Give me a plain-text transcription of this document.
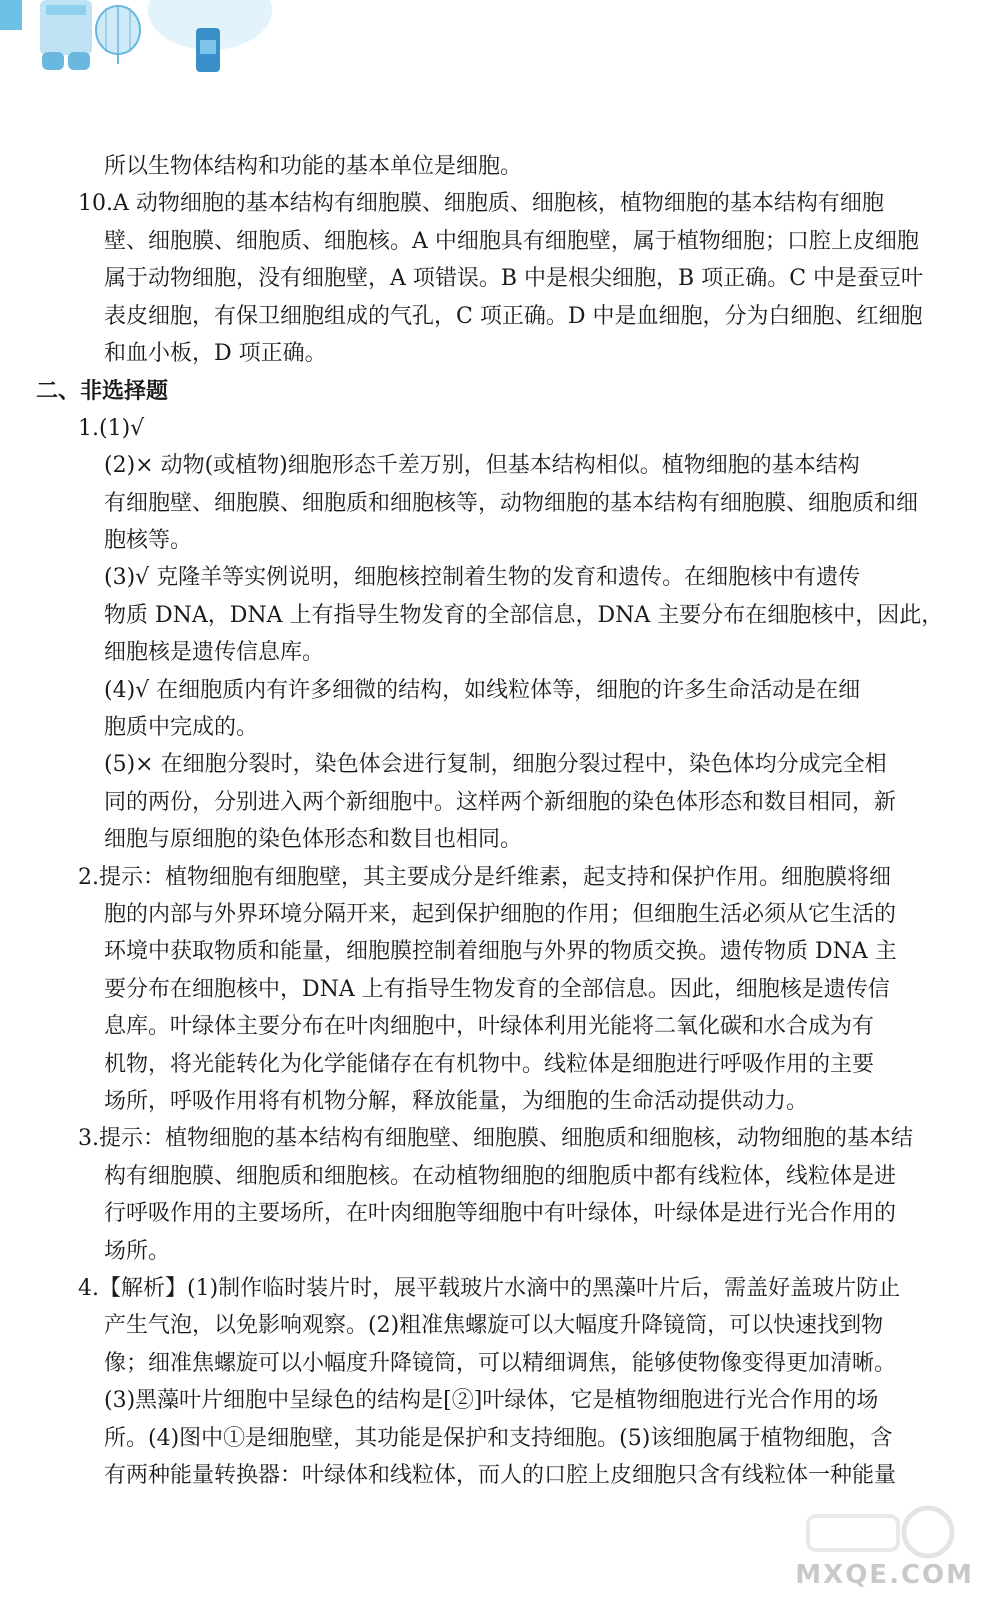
所以生物体结构和功能的基本单位是细胞。
10.A 动物细胞的基本结构有细胞膜、细胞质、细胞核，植物细胞的基本结构有细胞
壁、细胞膜、细胞质、细胞核。A 中细胞具有细胞壁，属于植物细胞；口腔上皮细胞
属于动物细胞，没有细胞壁，A 项错误。B 中是根尖细胞，B 项正确。C 中是蚕豆叶
表皮细胞，有保卫细胞组成的气孔，C 项正确。D 中是血细胞，分为白细胞、红细胞
和血小板，D 项正确。
二、非选择题
1.(1)√
(2)× 动物(或植物)细胞形态千差万别，但基本结构相似。植物细胞的基本结构
有细胞壁、细胞膜、细胞质和细胞核等，动物细胞的基本结构有细胞膜、细胞质和细
胞核等。
(3)√ 克隆羊等实例说明，细胞核控制着生物的发育和遗传。在细胞核中有遗传
物质 DNA，DNA 上有指导生物发育的全部信息，DNA 主要分布在细胞核中，因此，
细胞核是遗传信息库。
(4)√ 在细胞质内有许多细微的结构，如线粒体等，细胞的许多生命活动是在细
胞质中完成的。
(5)× 在细胞分裂时，染色体会进行复制，细胞分裂过程中，染色体均分成完全相
同的两份，分别进入两个新细胞中。这样两个新细胞的染色体形态和数目相同，新
细胞与原细胞的染色体形态和数目也相同。
2.提示：植物细胞有细胞壁，其主要成分是纤维素，起支持和保护作用。细胞膜将细
胞的内部与外界环境分隔开来，起到保护细胞的作用；但细胞生活必须从它生活的
环境中获取物质和能量，细胞膜控制着细胞与外界的物质交换。遗传物质 DNA 主
要分布在细胞核中，DNA 上有指导生物发育的全部信息。因此，细胞核是遗传信
息库。叶绿体主要分布在叶肉细胞中，叶绿体利用光能将二氧化碳和水合成为有
机物，将光能转化为化学能储存在有机物中。线粒体是细胞进行呼吸作用的主要
场所，呼吸作用将有机物分解，释放能量，为细胞的生命活动提供动力。
3.提示：植物细胞的基本结构有细胞壁、细胞膜、细胞质和细胞核，动物细胞的基本结
构有细胞膜、细胞质和细胞核。在动植物细胞的细胞质中都有线粒体，线粒体是进
行呼吸作用的主要场所，在叶肉细胞等细胞中有叶绿体，叶绿体是进行光合作用的
场所。
4.【解析】(1)制作临时装片时，展平载玻片水滴中的黑藻叶片后，需盖好盖玻片防止
产生气泡，以免影响观察。(2)粗准焦螺旋可以大幅度升降镜筒，可以快速找到物
像；细准焦螺旋可以小幅度升降镜筒，可以精细调焦，能够使物像变得更加清晰。
(3)黑藻叶片细胞中呈绿色的结构是[②]叶绿体，它是植物细胞进行光合作用的场
所。(4)图中①是细胞壁，其功能是保护和支持细胞。(5)该细胞属于植物细胞，含
有两种能量转换器：叶绿体和线粒体，而人的口腔上皮细胞只含有线粒体一种能量
MXQE.COM
